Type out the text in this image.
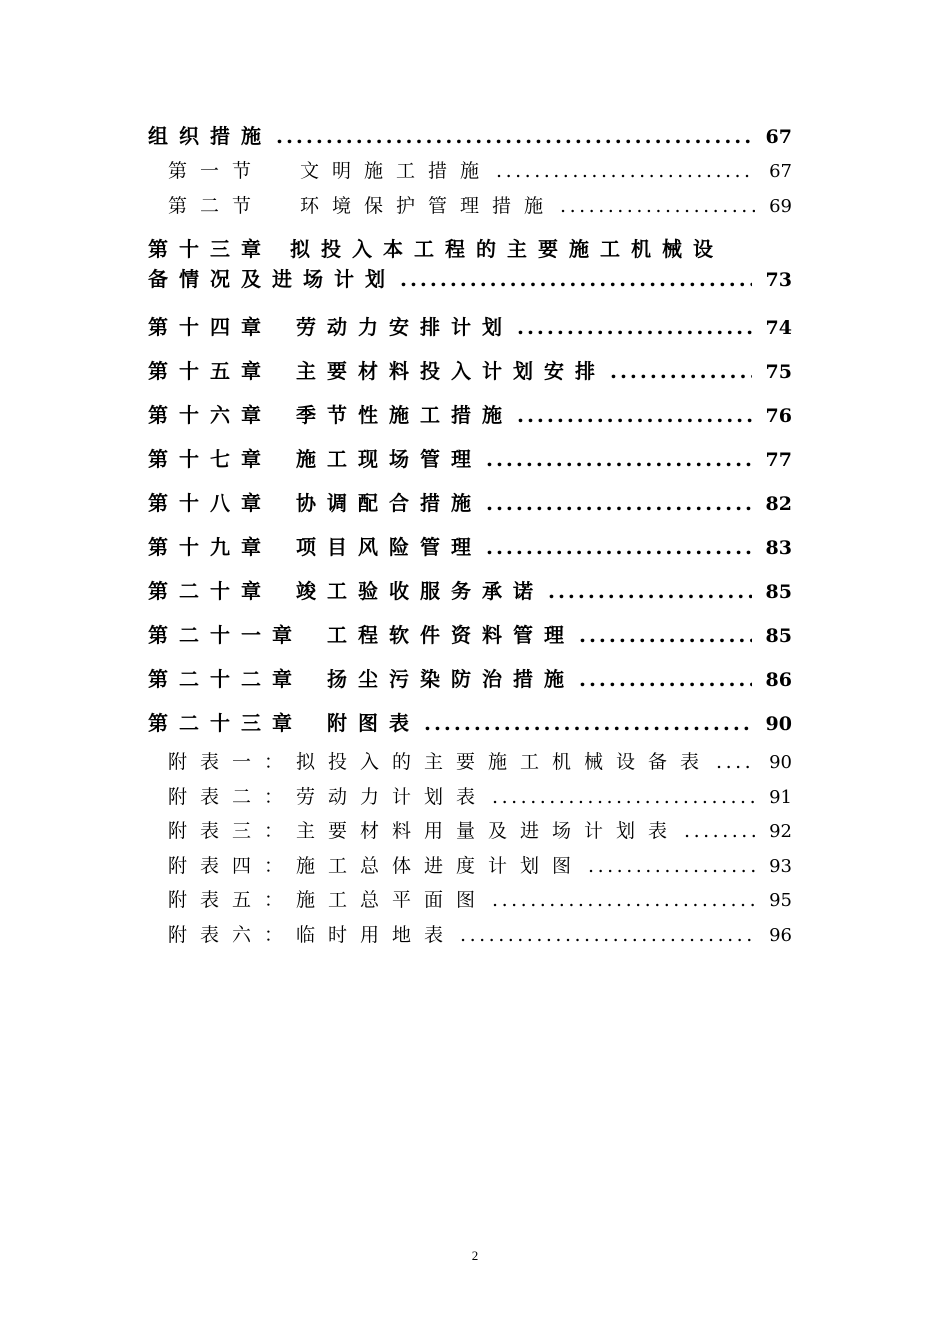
组织措施 .....	67
第一节 文明施工措施 .....	67
第二节 环境保护管理措施 .....	69
第十三章 拟投入本工程的主要施工机械设
备情况及进场计划 .....	73
第十四章 劳动力安排计划 .....	74
第十五章 主要材料投入计划安排 .....	75
第十六章 季节性施工措施 .....	76
第十七章 施工现场管理 .....	77
第十八章 协调配合措施 .....	82
第十九章 项目风险管理 .....	83
第二十章 竣工验收服务承诺 .....	85
第二十一章 工程软件资料管理 .....	85
第二十二章 扬尘污染防治措施 .....	86
第二十三章 附图表 .....	90
附表一： 拟投入的主要施工机械设备表 .....	90
附表二： 劳动力计划表 .....	91
附表三： 主要材料用量及进场计划表 .....	92
附表四： 施工总体进度计划图 .....	93
附表五： 施工总平面图 .....	95
附表六： 临时用地表 .....	96
2
